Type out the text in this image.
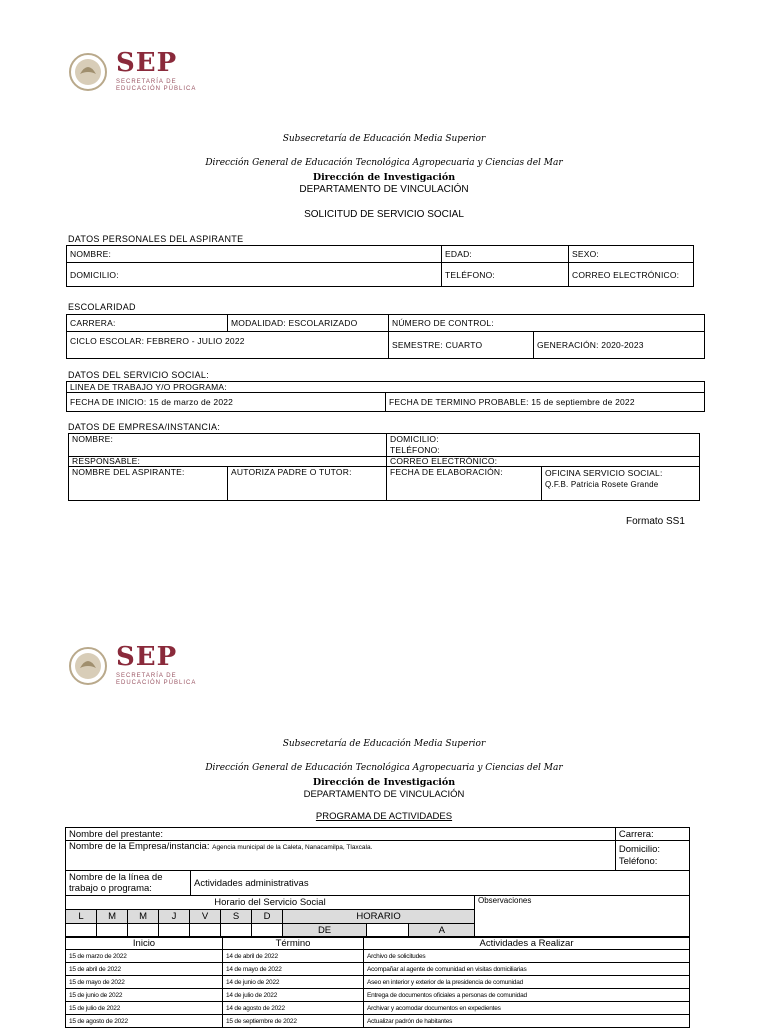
SEP
SECRETARÍA DE
EDUCACIÓN PÚBLICA
Subsecretaría de Educación Media Superior
Dirección General de Educación Tecnológica Agropecuaria y Ciencias del Mar
Dirección de Investigación
DEPARTAMENTO DE VINCULACIÓN
SOLICITUD DE SERVICIO SOCIAL
DATOS PERSONALES DEL ASPIRANTE
NOMBRE:	EDAD:	SEXO:
DOMICILIO:	TELÉFONO:	CORREO ELECTRÓNICO:
ESCOLARIDAD
CARRERA:	MODALIDAD: ESCOLARIZADO	NÚMERO DE CONTROL:	
CICLO ESCOLAR: FEBRERO - JULIO 2022		SEMESTRE: CUARTO	GENERACIÓN: 2020-2023
DATOS DEL SERVICIO SOCIAL:
LINEA DE TRABAJO Y/O PROGRAMA:
FECHA DE INICIO: 15 de marzo de 2022	FECHA DE TERMINO PROBABLE: 15 de septiembre de 2022
DATOS DE EMPRESA/INSTANCIA:
NOMBRE:		DOMICILIO:
TELÉFONO:	

RESPONSABLE:		CORREO ELECTRÓNICO:	
NOMBRE DEL ASPIRANTE:	AUTORIZA PADRE O TUTOR:	FECHA DE ELABORACIÓN:	OFICINA SERVICIO SOCIAL:
Q.F.B. Patricia Rosete Grande
Formato SS1
SEP
SECRETARÍA DE
EDUCACIÓN PÚBLICA
Subsecretaría de Educación Media Superior
Dirección General de Educación Tecnológica Agropecuaria y Ciencias del Mar
Dirección de Investigación
DEPARTAMENTO DE VINCULACIÓN
PROGRAMA DE ACTIVIDADES
Nombre del prestante:		Carrera:
Nombre de la Empresa/instancia: Agencia municipal de la Caleta, Nanacamilpa, Tlaxcala.		Domicilio:
Teléfono:

Nombre de la línea de trabajo o programa:	Actividades administrativas	
Horario del Servicio Social										Observaciones
L	M	M	J	V	S	D	HORARIO			
							DE		A	
Inicio	Término	Actividades a Realizar
15 de marzo de 2022	14 de abril de 2022	Archivo de solicitudes
15 de abril de 2022	14 de mayo de 2022	Acompañar al agente de comunidad en visitas domiciliarias
15 de mayo de 2022	14 de junio de 2022	Aseo en interior y exterior de la presidencia de comunidad
15 de junio de 2022	14 de julio de 2022	Entrega de documentos oficiales a personas de comunidad
15 de julio de 2022	14 de agosto de 2022	Archivar y acomodar documentos en expedientes
15 de agosto de 2022	15 de septiembre de 2022	Actualizar padrón de habitantes
